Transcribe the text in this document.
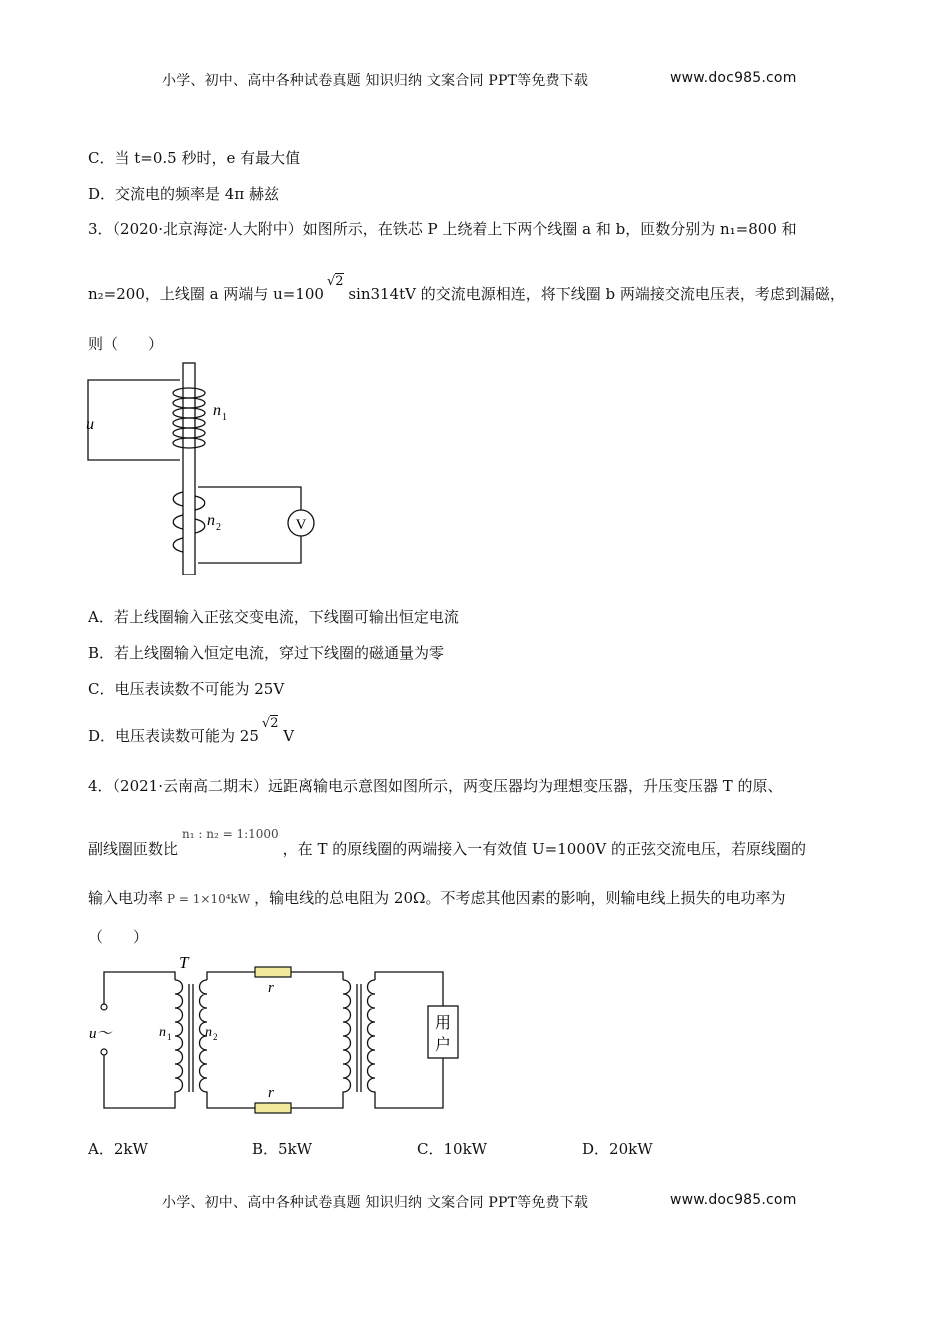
小学、初中、高中各种试卷真题 知识归纳 文案合同 PPT等免费下载	www.doc985.com
C．当 t=0.5 秒时，e 有最大值
D．交流电的频率是 4π 赫兹
3．（2020·北京海淀·人大附中）如图所示，在铁芯 P 上绕着上下两个线圈 a 和 b，匝数分别为 n₁=800 和
n₂=200，上线圈 a 两端与 u=100√2 sin314tV 的交流电源相连，将下线圈 b 两端接交流电压表，考虑到漏磁，
则（　　）
V
u
n 1
n 2
A．若上线圈输入正弦交变电流，下线圈可输出恒定电流
B．若上线圈输入恒定电流，穿过下线圈的磁通量为零
C．电压表读数不可能为 25V
D．电压表读数可能为 25√2 V
4．（2021·云南高二期末）远距离输电示意图如图所示，两变压器均为理想变压器，升压变压器 T 的原、
副线圈匝数比$^{n_1 : n_2 = 1:1000}$，在 T 的原线圈的两端接入一有效值 U=1000V 的正弦交流电压，若原线圈的
输入电功率 P = 1×10⁴kW ，输电线的总电阻为 20Ω。不考虑其他因素的影响，则输电线上损失的电功率为
（　　）
u～
T
n 1 n 2
r
r
用
户
A．2kW	B．5kW	C．10kW	D．20kW
小学、初中、高中各种试卷真题 知识归纳 文案合同 PPT等免费下载	www.doc985.com
